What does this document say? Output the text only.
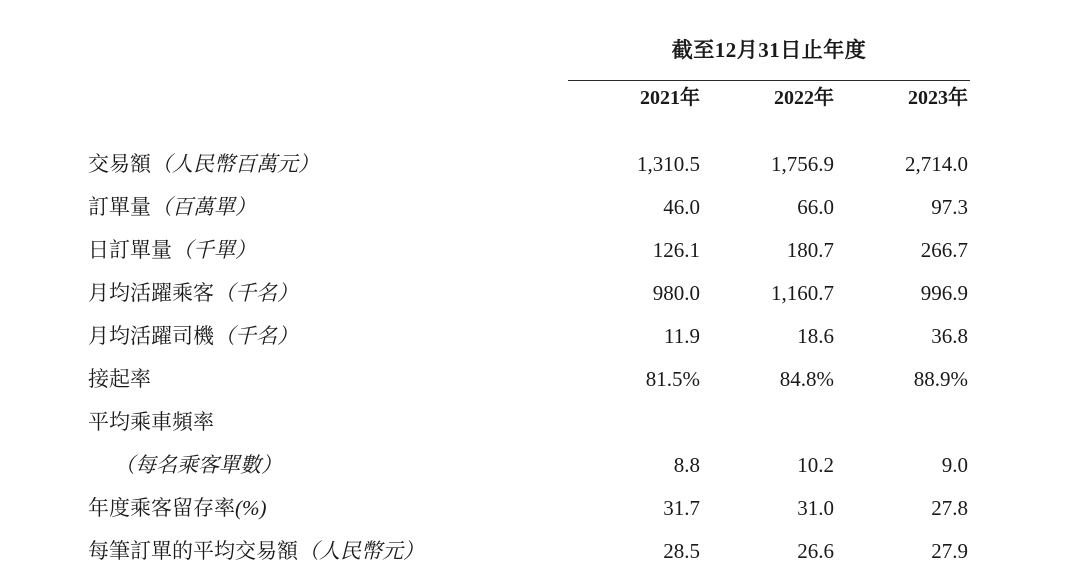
	截至12月31日止年度		

	2021年	2022年	2023年

交易額（人民幣百萬元）	1,310.5	1,756.9	2,714.0
訂單量（百萬單）	46.0	66.0	97.3
日訂單量（千單）	126.1	180.7	266.7
月均活躍乘客（千名）	980.0	1,160.7	996.9
月均活躍司機（千名）	11.9	18.6	36.8
接起率	81.5%	84.8%	88.9%
平均乘車頻率			
（每名乘客單數）	8.8	10.2	9.0
年度乘客留存率(%)	31.7	31.0	27.8
每筆訂單的平均交易額（人民幣元）	28.5	26.6	27.9
